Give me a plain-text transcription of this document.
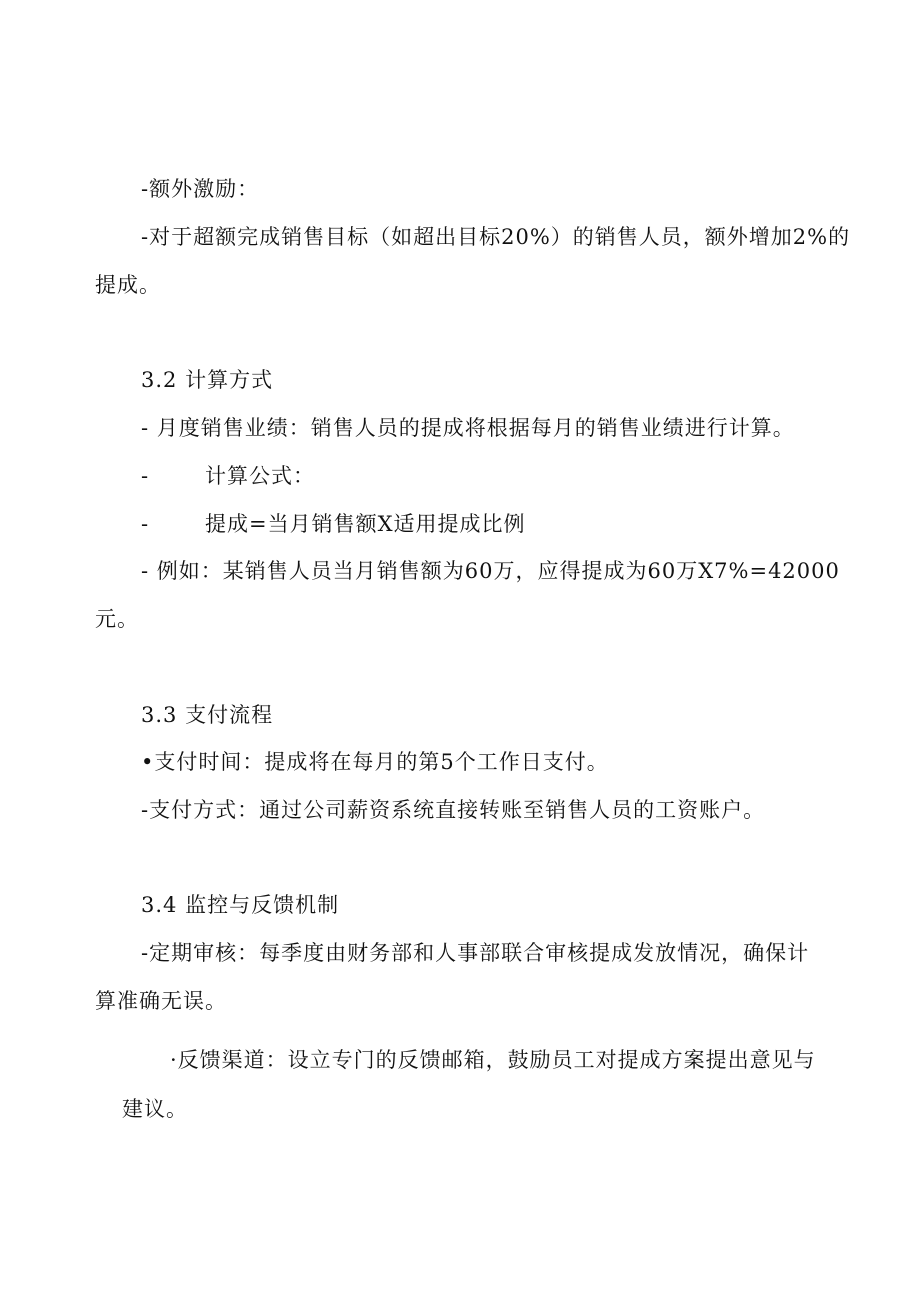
-额外激励：
-对于超额完成销售目标（如超出目标20%）的销售人员，额外增加2%的
提成。
3.2 计算方式
- 月度销售业绩：销售人员的提成将根据每月的销售业绩进行计算。
-	计算公式：
-	提成=当月销售额X适用提成比例
- 例如：某销售人员当月销售额为60万，应得提成为60万X7%=42000
元。
3.3 支付流程
•支付时间：提成将在每月的第5个工作日支付。
-支付方式：通过公司薪资系统直接转账至销售人员的工资账户。
3.4 监控与反馈机制
-定期审核：每季度由财务部和人事部联合审核提成发放情况，确保计
算准确无误。
·反馈渠道：设立专门的反馈邮箱，鼓励员工对提成方案提出意见与
建议。
